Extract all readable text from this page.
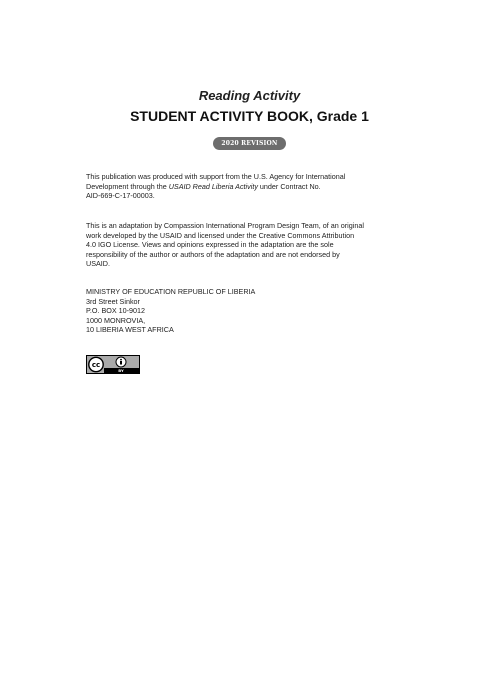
Reading Activity
STUDENT ACTIVITY BOOK, Grade 1
2020 REVISION
This publication was produced with support from the U.S. Agency for International
Development through the USAID Read Liberia Activity under Contract No.
AID-669-C-17-00003.
This is an adaptation by Compassion International Program Design Team, of an original
work developed by the USAID and licensed under the Creative Commons Attribution
4.0 IGO License. Views and opinions expressed in the adaptation are the sole
responsibility of the author or authors of the adaptation and are not endorsed by
USAID.
MINISTRY OF EDUCATION REPUBLIC OF LIBERIA
3rd Street Sinkor
P.O. BOX 10-9012
1000 MONROVIA,
10 LIBERIA WEST AFRICA
cc
BY
